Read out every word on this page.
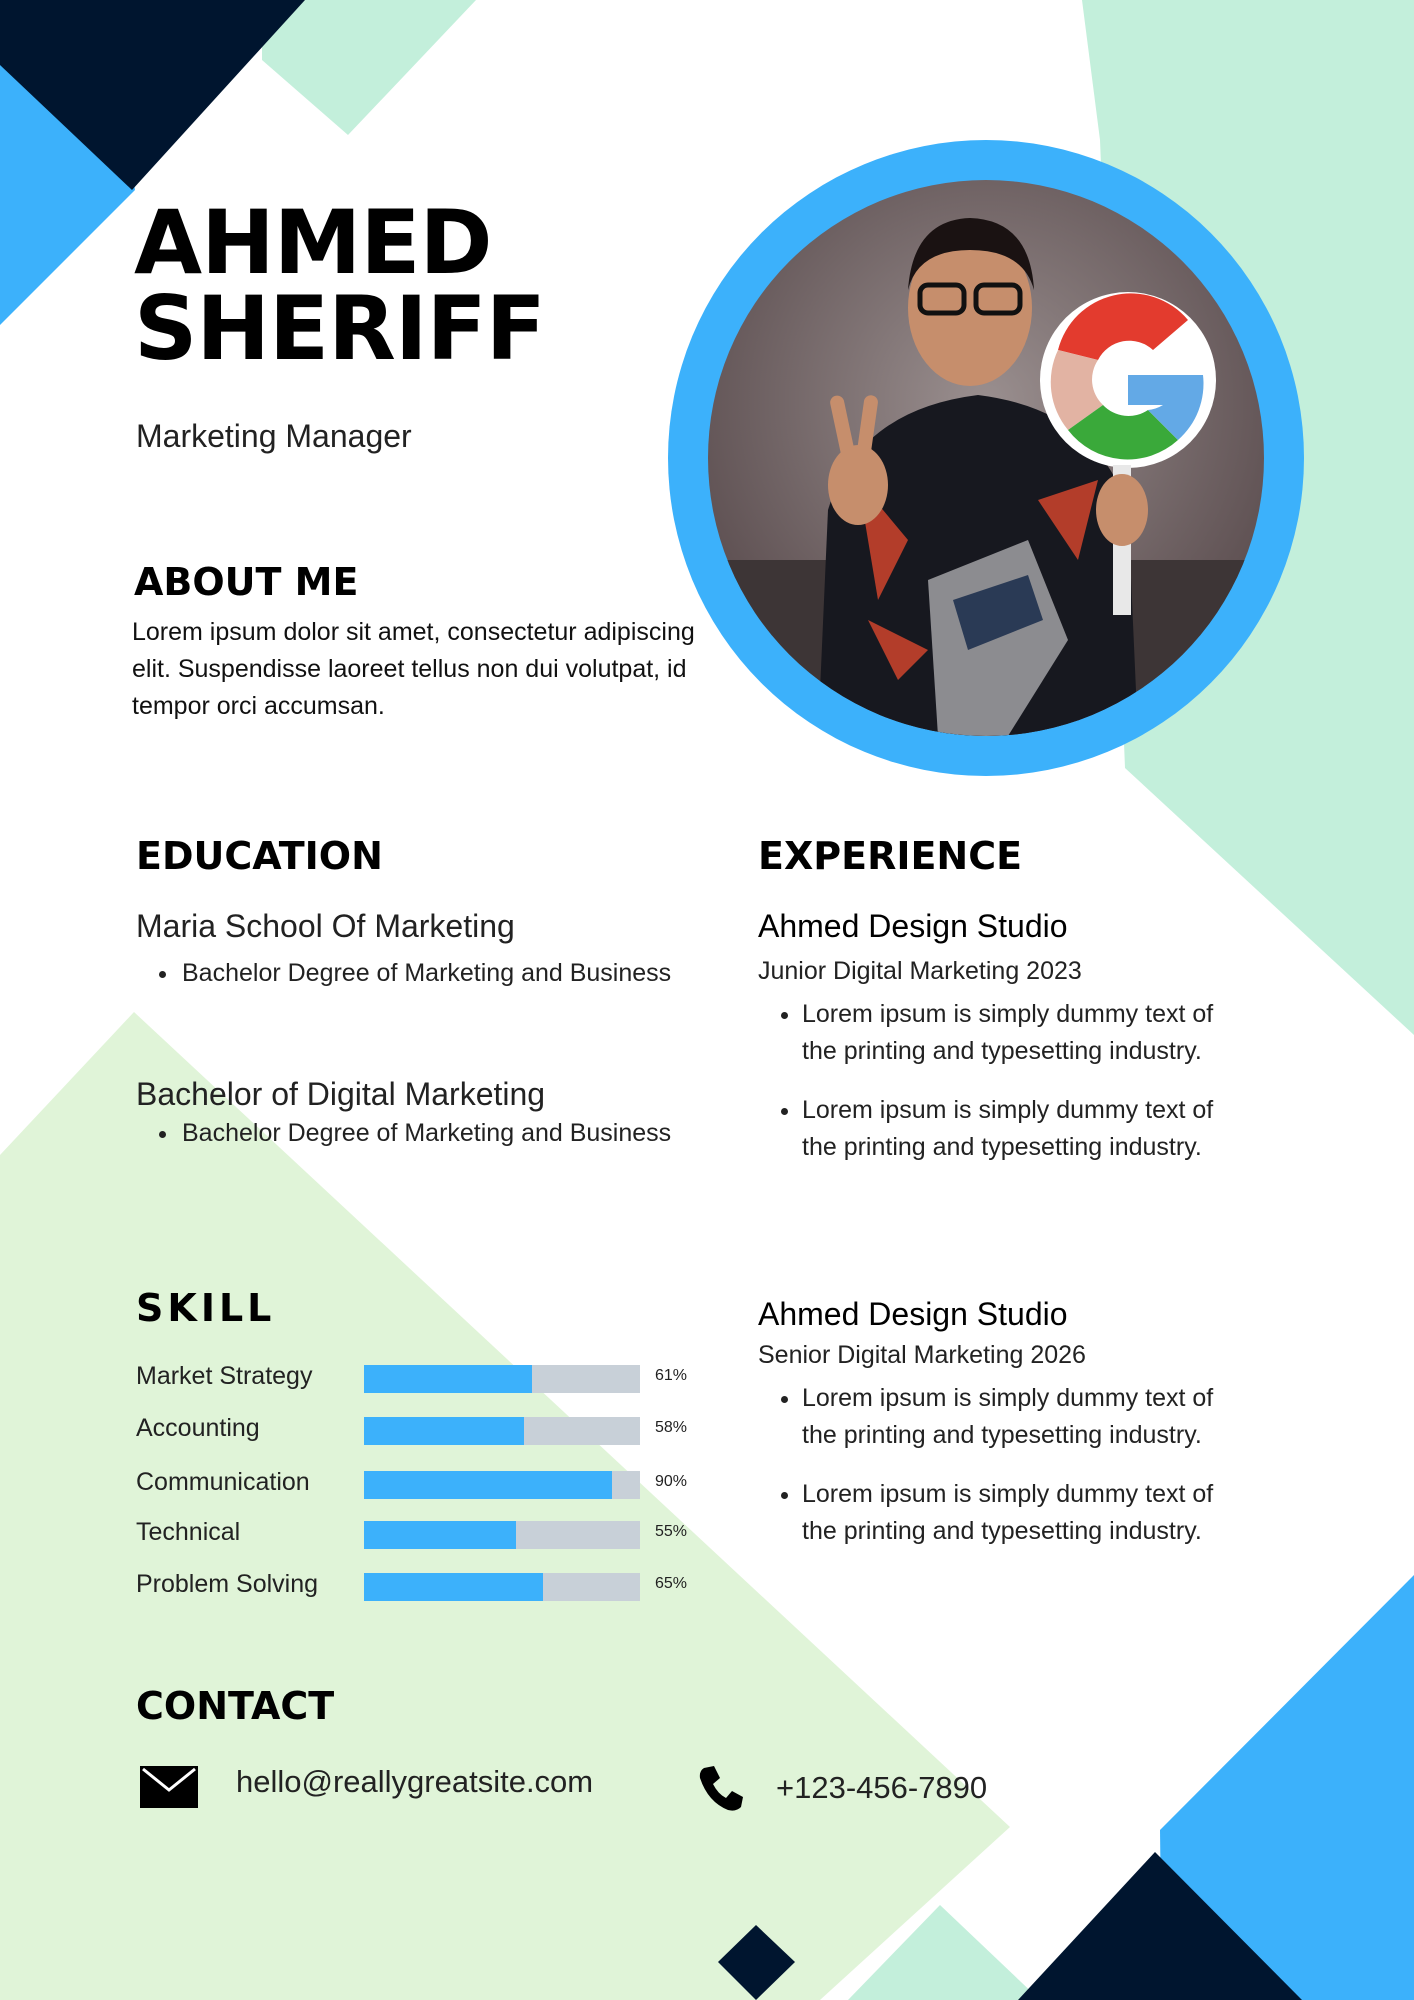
AHMED
SHERIFF
Marketing Manager
ABOUT ME

Lorem ipsum dolor sit amet, consectetur adipiscing elit. Suspendisse laoreet tellus non dui volutpat, id tempor orci accumsan.

EDUCATION
Maria School Of Marketing
• Bachelor Degree of Marketing and Business
Bachelor of Digital Marketing
• Bachelor Degree of Marketing and Business
EXPERIENCE
Ahmed Design Studio
Junior Digital Marketing 2023
• Lorem ipsum is simply dummy text of the printing and typesetting industry.
• Lorem ipsum is simply dummy text of the printing and typesetting industry.
Ahmed Design Studio
Senior Digital Marketing 2026
• Lorem ipsum is simply dummy text of the printing and typesetting industry.
• Lorem ipsum is simply dummy text of the printing and typesetting industry.
SKILL
Market Strategy	61%
Accounting	58%
Communication	90%
Technical	55%
Problem Solving	65%
CONTACT
hello@reallygreatsite.com	+123-456-7890
